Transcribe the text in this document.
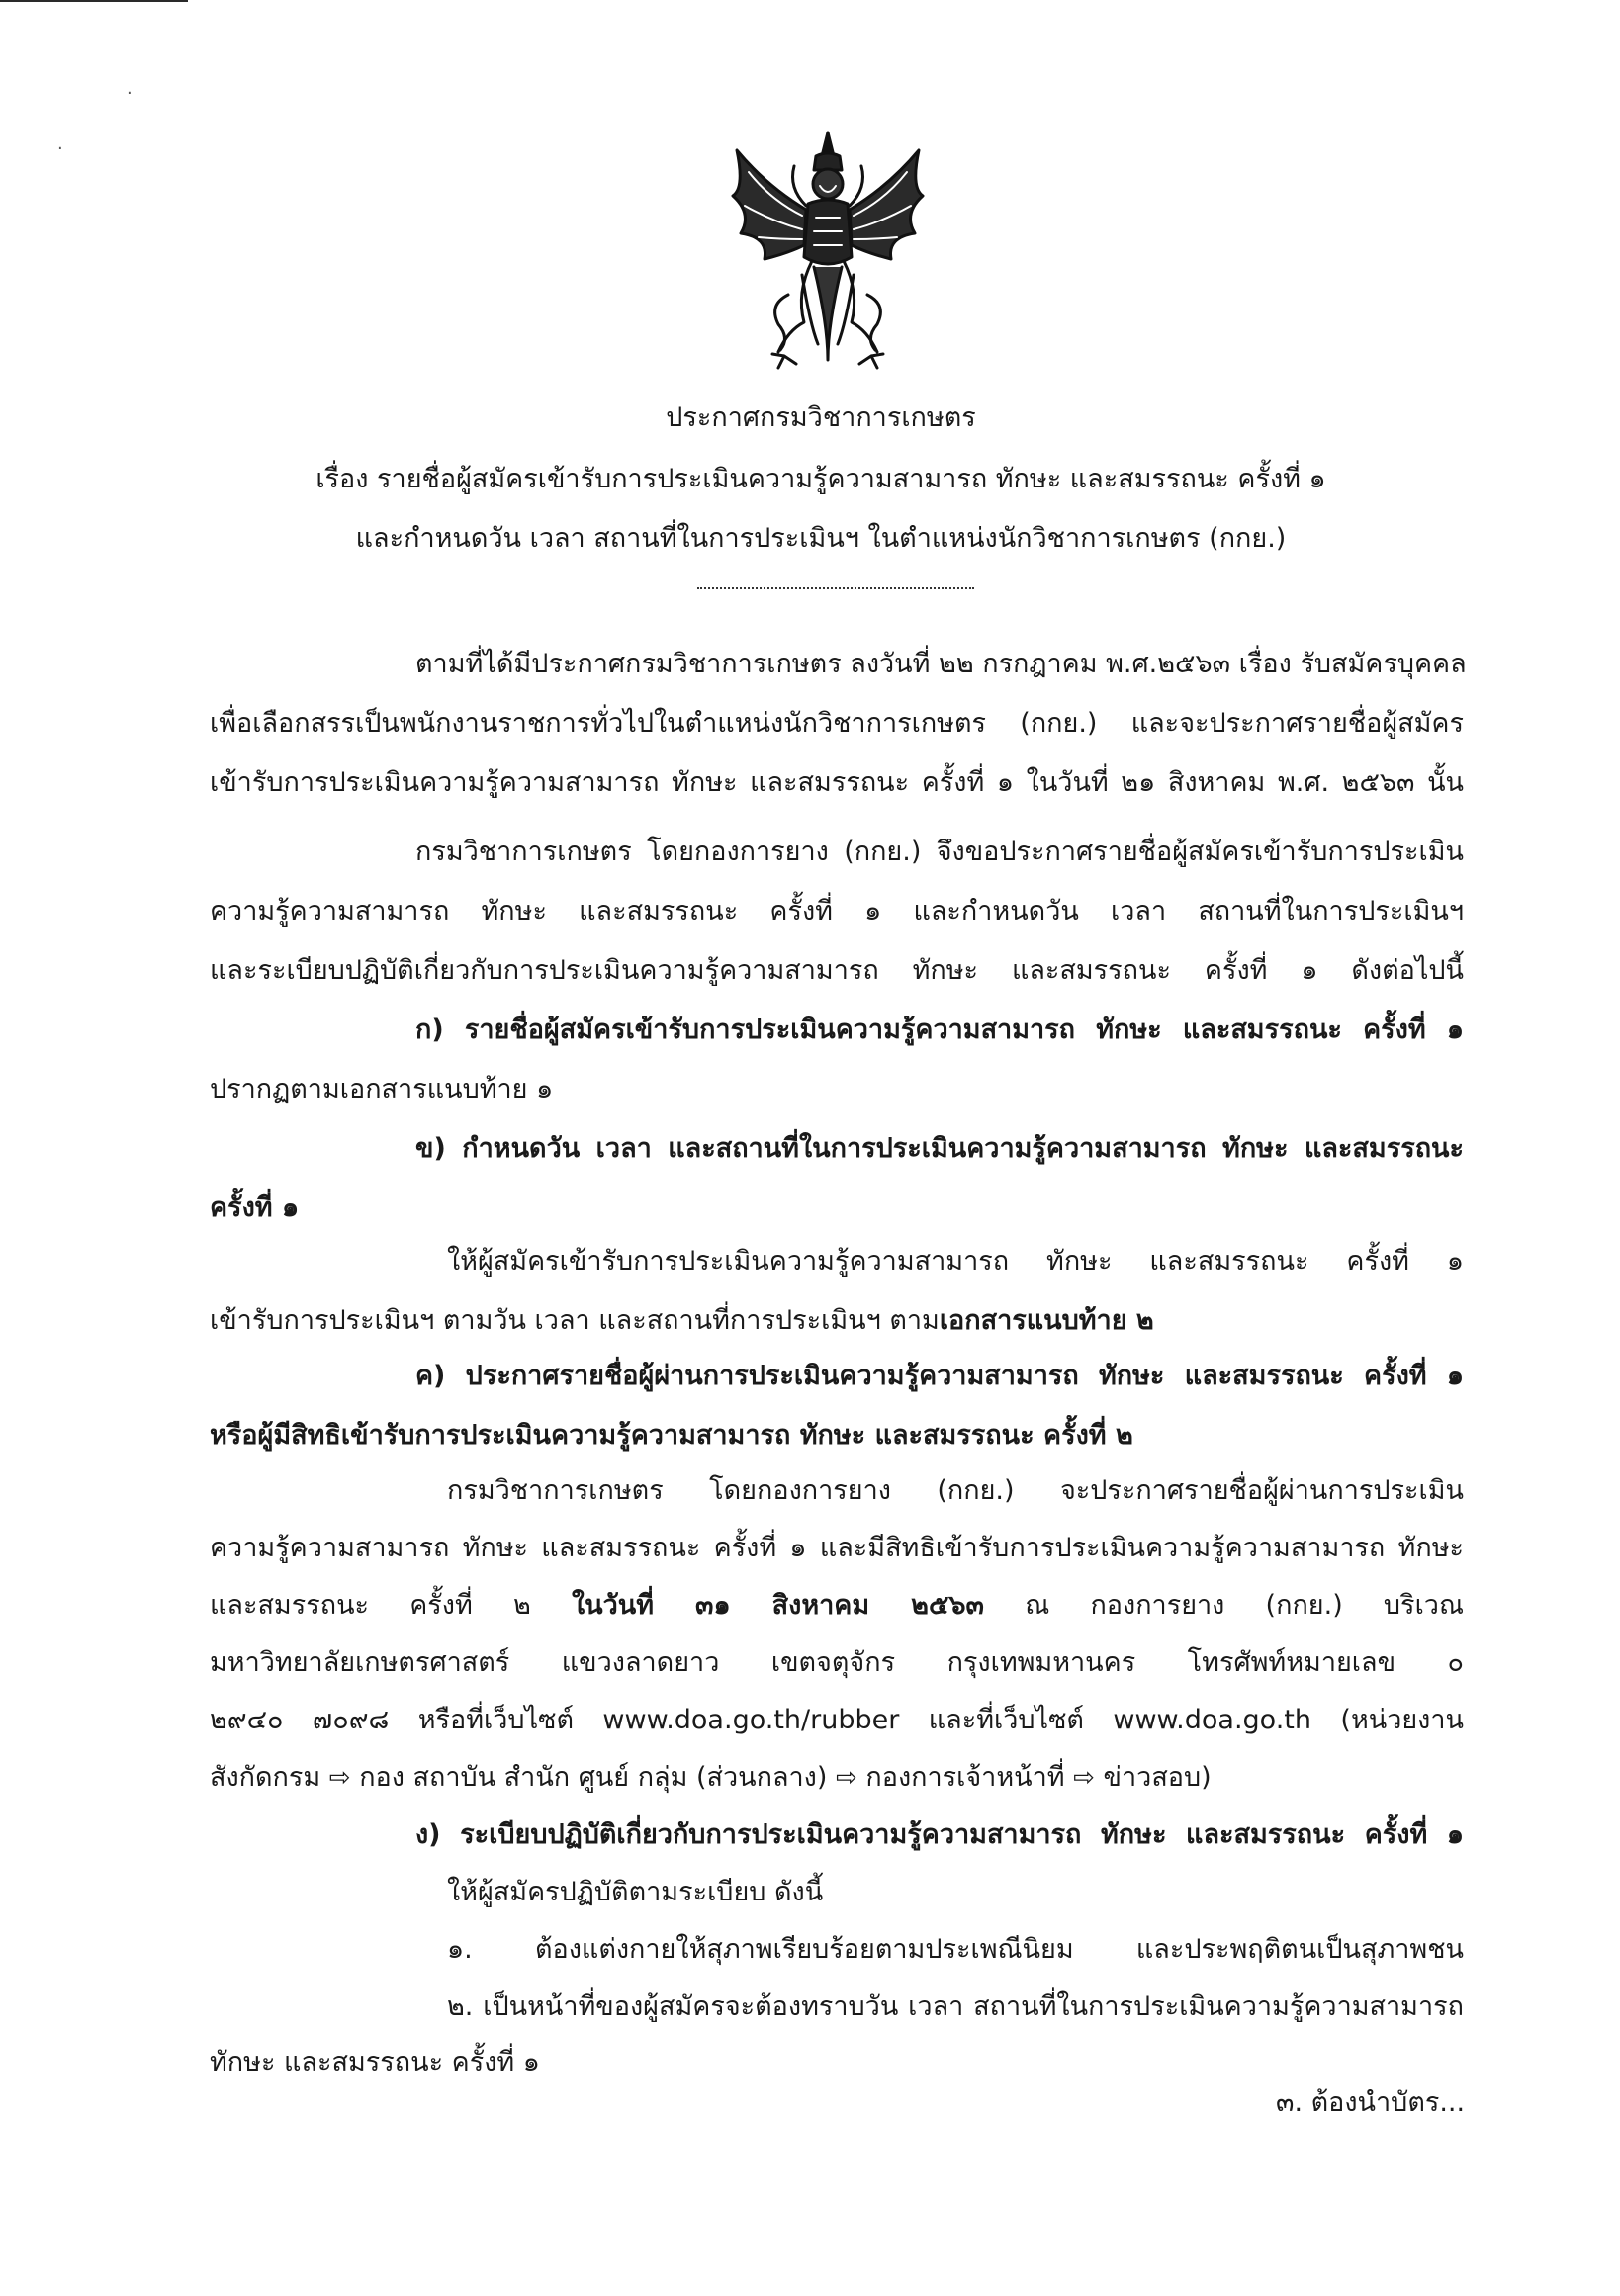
·
·
ประกาศกรมวิชาการเกษตร
เรื่อง รายชื่อผู้สมัครเข้ารับการประเมินความรู้ความสามารถ ทักษะ และสมรรถนะ ครั้งที่ ๑
และกำหนดวัน เวลา สถานที่ในการประเมินฯ ในตำแหน่งนักวิชาการเกษตร (กกย.)
ตามที่ได้มีประกาศกรมวิชาการเกษตร ลงวันที่ ๒๒ กรกฎาคม พ.ศ.๒๕๖๓ เรื่อง รับสมัครบุคคล
เพื่อเลือกสรรเป็นพนักงานราชการทั่วไปในตำแหน่งนักวิชาการเกษตร (กกย.) และจะประกาศรายชื่อผู้สมัคร
เข้ารับการประเมินความรู้ความสามารถ ทักษะ และสมรรถนะ ครั้งที่ ๑ ในวันที่ ๒๑ สิงหาคม พ.ศ. ๒๕๖๓ นั้น
กรมวิชาการเกษตร โดยกองการยาง (กกย.) จึงขอประกาศรายชื่อผู้สมัครเข้ารับการประเมิน
ความรู้ความสามารถ ทักษะ และสมรรถนะ ครั้งที่ ๑ และกำหนดวัน เวลา สถานที่ในการประเมินฯ
และระเบียบปฏิบัติเกี่ยวกับการประเมินความรู้ความสามารถ ทักษะ และสมรรถนะ ครั้งที่ ๑ ดังต่อไปนี้
ก) รายชื่อผู้สมัครเข้ารับการประเมินความรู้ความสามารถ ทักษะ และสมรรถนะ ครั้งที่ ๑
ปรากฏตามเอกสารแนบท้าย ๑
ข) กำหนดวัน เวลา และสถานที่ในการประเมินความรู้ความสามารถ ทักษะ และสมรรถนะ
ครั้งที่ ๑
ให้ผู้สมัครเข้ารับการประเมินความรู้ความสามารถ ทักษะ และสมรรถนะ ครั้งที่ ๑
เข้ารับการประเมินฯ ตามวัน เวลา และสถานที่การประเมินฯ ตามเอกสารแนบท้าย ๒
ค) ประกาศรายชื่อผู้ผ่านการประเมินความรู้ความสามารถ ทักษะ และสมรรถนะ ครั้งที่ ๑
หรือผู้มีสิทธิเข้ารับการประเมินความรู้ความสามารถ ทักษะ และสมรรถนะ ครั้งที่ ๒
กรมวิชาการเกษตร โดยกองการยาง (กกย.) จะประกาศรายชื่อผู้ผ่านการประเมิน
ความรู้ความสามารถ ทักษะ และสมรรถนะ ครั้งที่ ๑ และมีสิทธิเข้ารับการประเมินความรู้ความสามารถ ทักษะ
และสมรรถนะ ครั้งที่ ๒ ในวันที่ ๓๑ สิงหาคม ๒๕๖๓ ณ กองการยาง (กกย.) บริเวณ
มหาวิทยาลัยเกษตรศาสตร์ แขวงลาดยาว เขตจตุจักร กรุงเทพมหานคร โทรศัพท์หมายเลข ๐
๒๙๔๐ ๗๐๙๘ หรือที่เว็บไซต์ www.doa.go.th/rubber และที่เว็บไซต์ www.doa.go.th (หน่วยงาน
สังกัดกรม ⇨ กอง สถาบัน สำนัก ศูนย์ กลุ่ม (ส่วนกลาง) ⇨ กองการเจ้าหน้าที่ ⇨ ข่าวสอบ)
ง) ระเบียบปฏิบัติเกี่ยวกับการประเมินความรู้ความสามารถ ทักษะ และสมรรถนะ ครั้งที่ ๑
ให้ผู้สมัครปฏิบัติตามระเบียบ ดังนี้
๑. ต้องแต่งกายให้สุภาพเรียบร้อยตามประเพณีนิยม และประพฤติตนเป็นสุภาพชน
๒. เป็นหน้าที่ของผู้สมัครจะต้องทราบวัน เวลา สถานที่ในการประเมินความรู้ความสามารถ
ทักษะ และสมรรถนะ ครั้งที่ ๑
๓. ต้องนำบัตร...
